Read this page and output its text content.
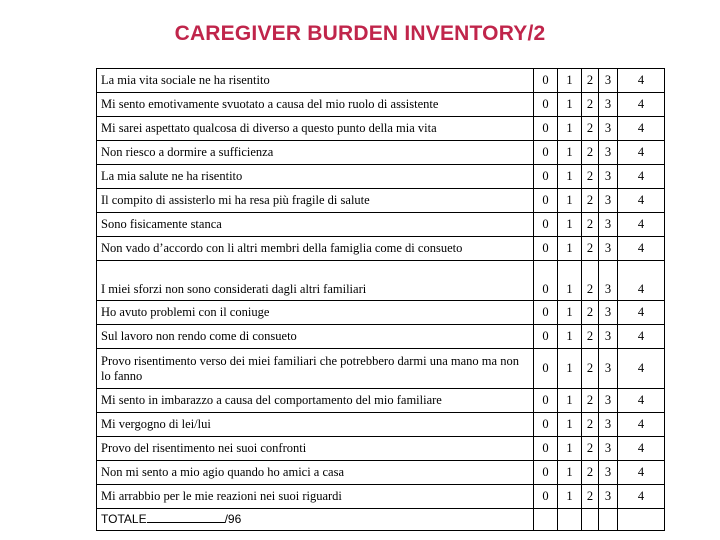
CAREGIVER BURDEN INVENTORY/2
La mia vita sociale ne ha risentito	0	1	2	3	4
Mi sento emotivamente svuotato a causa del mio ruolo di assistente	0	1	2	3	4
Mi sarei aspettato qualcosa di diverso a questo punto della mia vita	0	1	2	3	4
Non riesco a dormire a sufficienza	0	1	2	3	4
La mia salute ne ha risentito	0	1	2	3	4
Il compito di assisterlo mi ha resa più fragile di salute	0	1	2	3	4
Sono fisicamente stanca	0	1	2	3	4
Non vado d’accordo con li altri membri della famiglia come di consueto	0	1	2	3	4
I miei sforzi non sono considerati dagli altri familiari	0	1	2	3	4
Ho avuto problemi con il coniuge	0	1	2	3	4
Sul lavoro non rendo come di consueto	0	1	2	3	4
Provo risentimento verso dei miei familiari che potrebbero darmi una mano ma non lo fanno	0	1	2	3	4
Mi sento in imbarazzo a causa del comportamento del mio familiare	0	1	2	3	4
Mi vergogno di lei/lui	0	1	2	3	4
Provo del risentimento nei suoi confronti	0	1	2	3	4
Non mi sento a mio agio quando ho amici a casa	0	1	2	3	4
Mi arrabbio per le mie reazioni nei suoi riguardi	0	1	2	3	4
TOTALE /96					
